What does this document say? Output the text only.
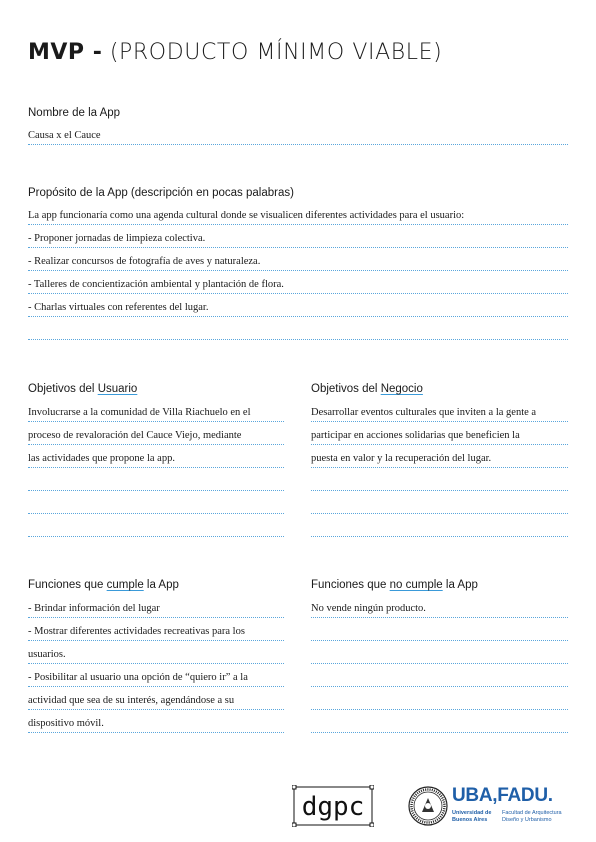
MVP - (PRODUCTO MÍNIMO VIABLE)
Nombre de la App
Causa x el Cauce
Propósito de la App (descripción en pocas palabras)
La app funcionaría como una agenda cultural donde se visualicen diferentes actividades para el usuario:
- Proponer jornadas de limpieza colectiva.
- Realizar concursos de fotografía de aves y naturaleza.
- Talleres de concientización ambiental y plantación de flora.
- Charlas virtuales con referentes del lugar.
Objetivos del Usuario
Involucrarse a la comunidad de Villa Riachuelo en el
proceso de revaloración del Cauce Viejo, mediante
las actividades que propone la app.
Objetivos del Negocio
Desarrollar eventos culturales que inviten a la gente a
participar en acciones solidarias que beneficien la
puesta en valor y la recuperación del lugar.
Funciones que cumple la App
- Brindar información del lugar
- Mostrar diferentes actividades recreativas para los
usuarios.
- Posibilitar al usuario una opción de “quiero ir” a la
actividad que sea de su interés, agendándose a su
dispositivo móvil.
Funciones que no cumple la App
No vende ningún producto.
dgpc	UBA,FADU.
Universidad de Buenos Aires
Facultad de Arquitectura Diseño y Urbanismo
